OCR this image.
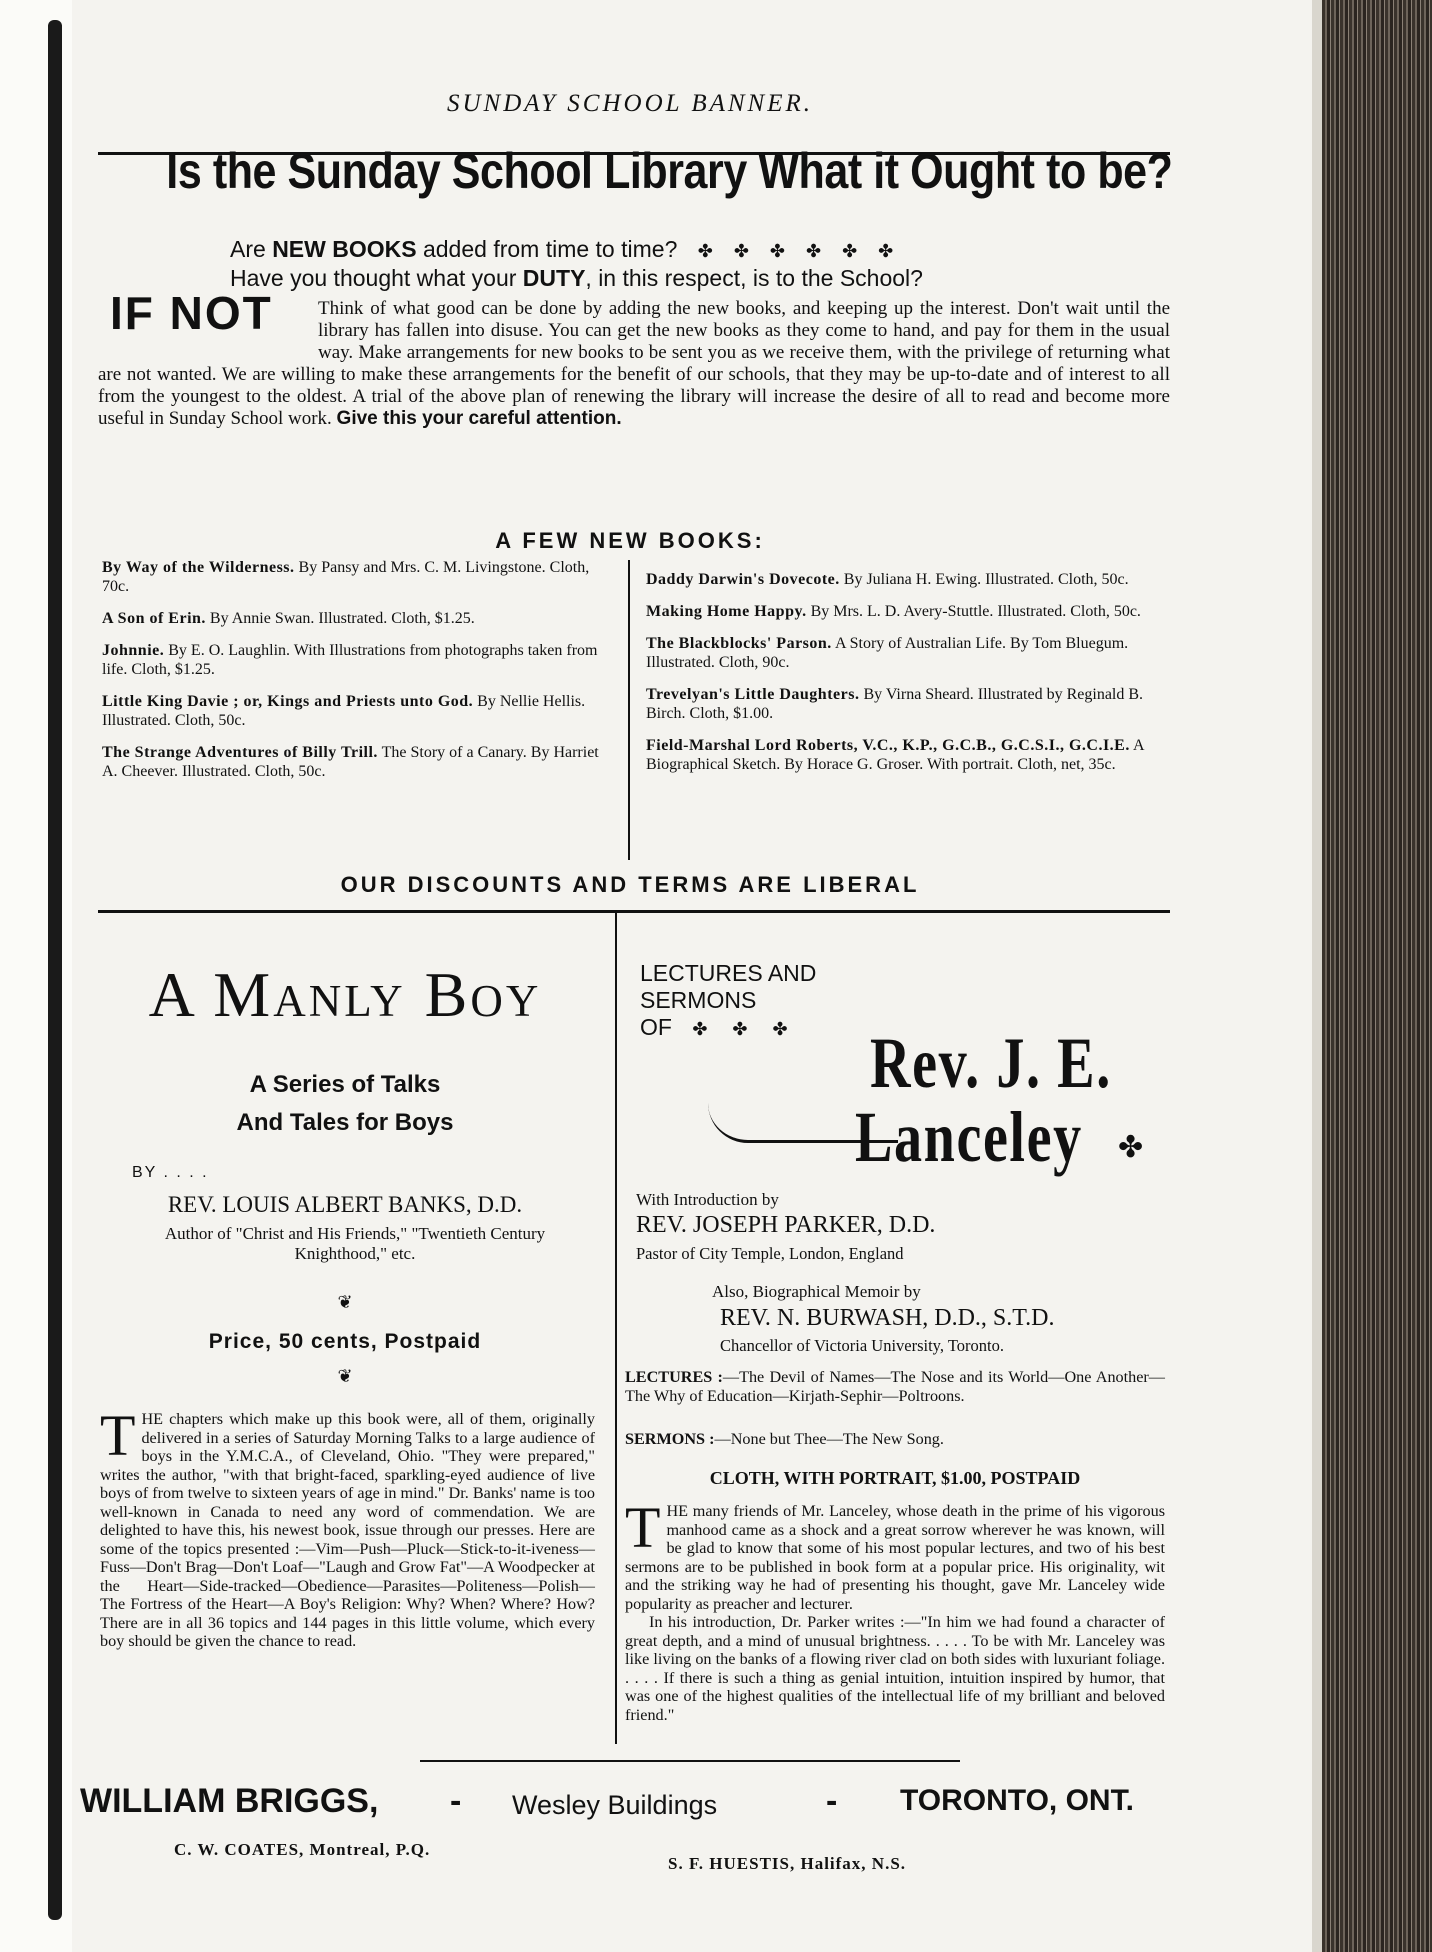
SUNDAY SCHOOL BANNER.
Is the Sunday School Library What it Ought to be?
Are NEW BOOKS added from time to time? ✤ ✤ ✤ ✤ ✤ ✤
Have you thought what your DUTY, in this respect, is to the School?
IF NOT	Think of what good can be done by adding the new books, and keeping up the interest. Don't wait until the library has fallen into disuse. You can get the new books as they come to hand, and pay for them in the usual way. Make arrangements for new books to be sent you as we receive them, with the privilege of returning what are not wanted. We are willing to make these arrangements for the benefit of our schools, that they may be up-to-date and of interest to all from the youngest to the oldest. A trial of the above plan of renewing the library will increase the desire of all to read and become more useful in Sunday School work. Give this your careful attention.
A FEW NEW BOOKS:
By Way of the Wilderness. By Pansy and Mrs. C. M. Livingstone. Cloth, 70c.
A Son of Erin. By Annie Swan. Illustrated. Cloth, $1.25.
Johnnie. By E. O. Laughlin. With Illustrations from photographs taken from life. Cloth, $1.25.
Little King Davie ; or, Kings and Priests unto God. By Nellie Hellis. Illustrated. Cloth, 50c.
The Strange Adventures of Billy Trill. The Story of a Canary. By Harriet A. Cheever. Illustrated. Cloth, 50c.
Daddy Darwin's Dovecote. By Juliana H. Ewing. Illustrated. Cloth, 50c.
Making Home Happy. By Mrs. L. D. Avery-Stuttle. Illustrated. Cloth, 50c.
The Blackblocks' Parson. A Story of Australian Life. By Tom Bluegum. Illustrated. Cloth, 90c.
Trevelyan's Little Daughters. By Virna Sheard. Illustrated by Reginald B. Birch. Cloth, $1.00.
Field-Marshal Lord Roberts, V.C., K.P., G.C.B., G.C.S.I., G.C.I.E. A Biographical Sketch. By Horace G. Groser. With portrait. Cloth, net, 35c.
OUR DISCOUNTS AND TERMS ARE LIBERAL
A Manly Boy
A Series of Talks
And Tales for Boys
BY . . . .
REV. LOUIS ALBERT BANKS, D.D.
Author of "Christ and His Friends," "Twentieth Century Knighthood," etc.
❦
Price, 50 cents, Postpaid
❦
THE chapters which make up this book were, all of them, originally delivered in a series of Saturday Morning Talks to a large audience of boys in the Y.M.C.A., of Cleveland, Ohio. "They were prepared," writes the author, "with that bright-faced, sparkling-eyed audience of live boys of from twelve to sixteen years of age in mind." Dr. Banks' name is too well-known in Canada to need any word of commendation. We are delighted to have this, his newest book, issue through our presses. Here are some of the topics presented :—Vim—Push—Pluck—Stick-to-it-iveness—Fuss—Don't Brag—Don't Loaf—"Laugh and Grow Fat"—A Woodpecker at the Heart—Side-tracked—Obedience—Parasites—Politeness—Polish—The Fortress of the Heart—A Boy's Religion: Why? When? Where? How? There are in all 36 topics and 144 pages in this little volume, which every boy should be given the chance to read.
LECTURES AND
SERMONS
OF ✤ ✤ ✤ Rev. J. E.
Lanceley ✤
With Introduction by
REV. JOSEPH PARKER, D.D.
Pastor of City Temple, London, England
Also, Biographical Memoir by
REV. N. BURWASH, D.D., S.T.D.
Chancellor of Victoria University, Toronto.
LECTURES :—The Devil of Names—The Nose and its World—One Another—The Why of Education—Kirjath-Sephir—Poltroons.
SERMONS :—None but Thee—The New Song.
CLOTH, WITH PORTRAIT, $1.00, POSTPAID
THE many friends of Mr. Lanceley, whose death in the prime of his vigorous manhood came as a shock and a great sorrow wherever he was known, will be glad to know that some of his most popular lectures, and two of his best sermons are to be published in book form at a popular price. His originality, wit and the striking way he had of presenting his thought, gave Mr. Lanceley wide popularity as preacher and lecturer.
In his introduction, Dr. Parker writes :—"In him we had found a character of great depth, and a mind of unusual brightness. . . . . To be with Mr. Lanceley was like living on the banks of a flowing river clad on both sides with luxuriant foliage. . . . . If there is such a thing as genial intuition, intuition inspired by humor, that was one of the highest qualities of the intellectual life of my brilliant and beloved friend."
WILLIAM BRIGGS, - Wesley Buildings	- TORONTO, ONT.
C. W. COATES, Montreal, P.Q.
S. F. HUESTIS, Halifax, N.S.
